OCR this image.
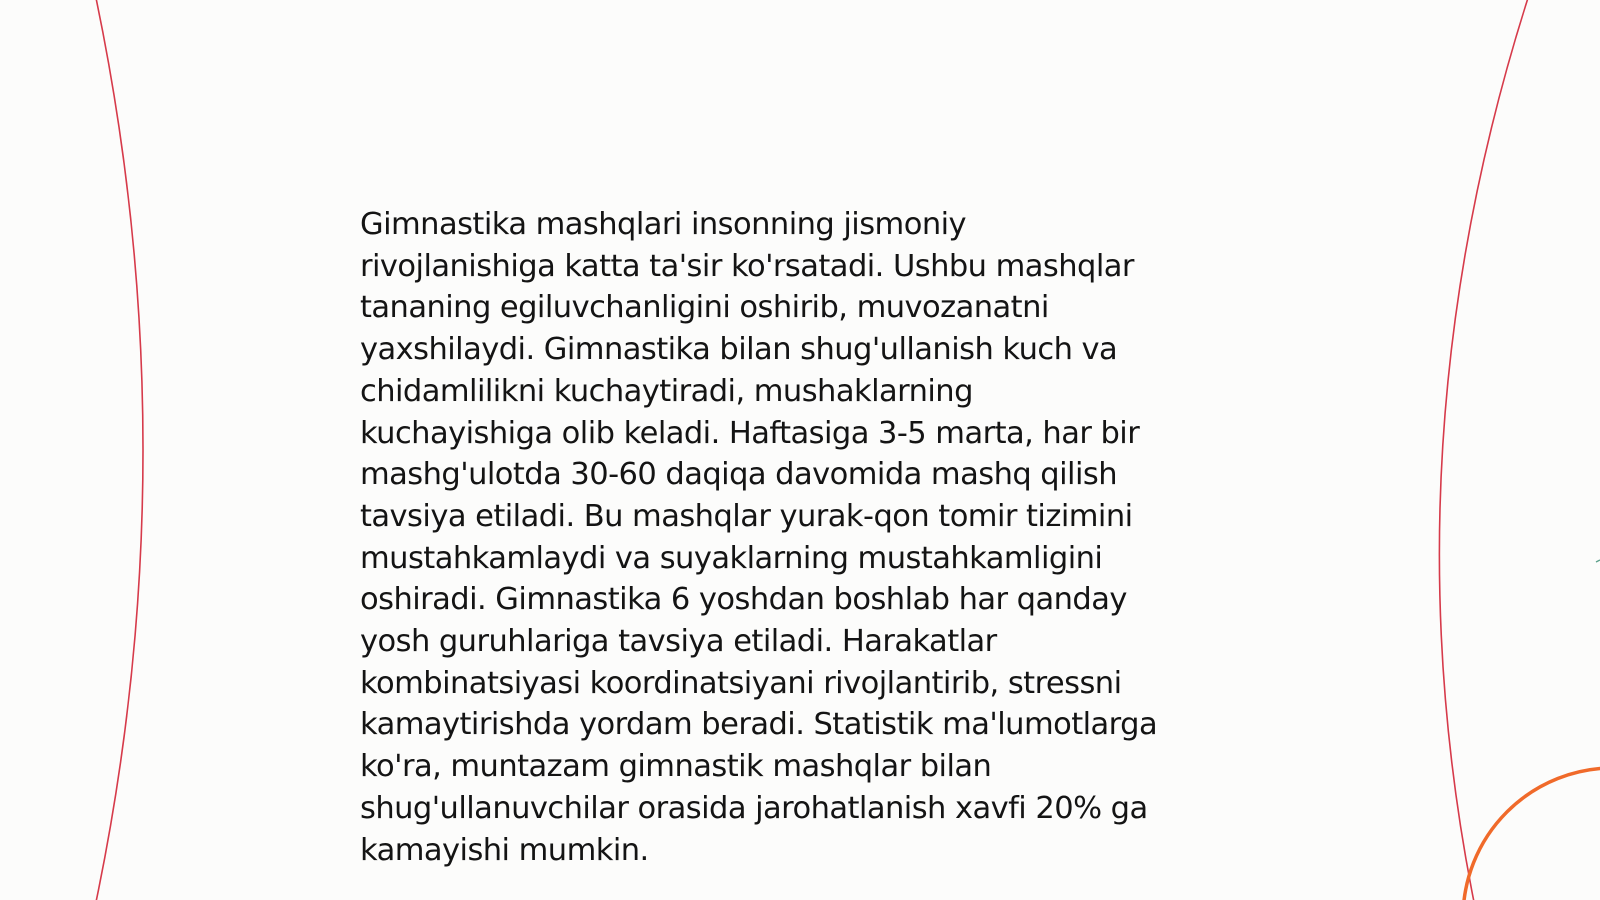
Gimnastika mashqlari insonning jismoniy
rivojlanishiga katta ta'sir ko'rsatadi. Ushbu mashqlar
tananing egiluvchanligini oshirib, muvozanatni
yaxshilaydi. Gimnastika bilan shug'ullanish kuch va
chidamlilikni kuchaytiradi, mushaklarning
kuchayishiga olib keladi. Haftasiga 3-5 marta, har bir
mashg'ulotda 30-60 daqiqa davomida mashq qilish
tavsiya etiladi. Bu mashqlar yurak-qon tomir tizimini
mustahkamlaydi va suyaklarning mustahkamligini
oshiradi. Gimnastika 6 yoshdan boshlab har qanday
yosh guruhlariga tavsiya etiladi. Harakatlar
kombinatsiyasi koordinatsiyani rivojlantirib, stressni
kamaytirishda yordam beradi. Statistik ma'lumotlarga
ko'ra, muntazam gimnastik mashqlar bilan
shug'ullanuvchilar orasida jarohatlanish xavfi 20% ga
kamayishi mumkin.
